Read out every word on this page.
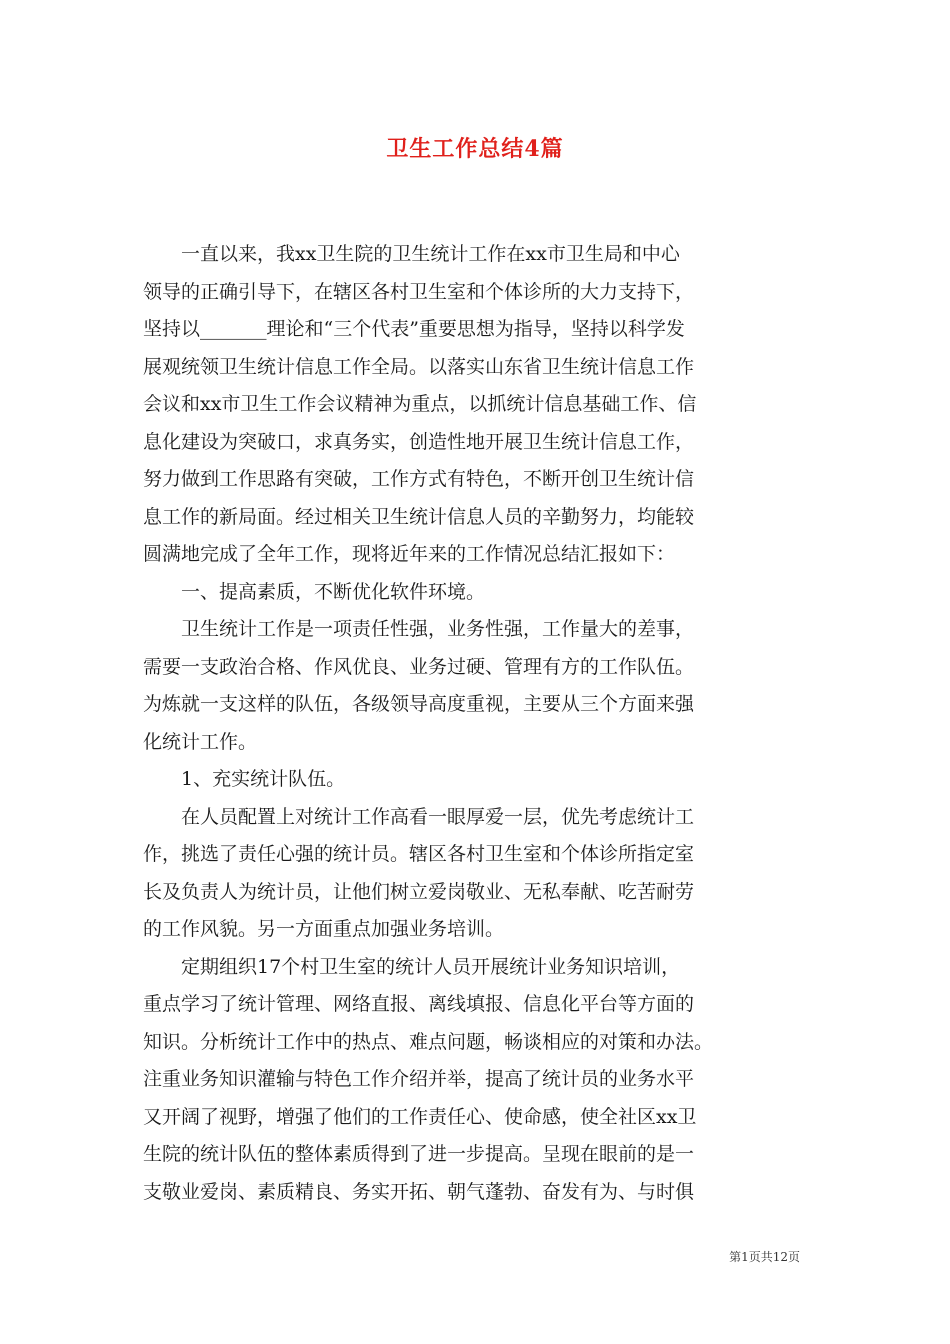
卫生工作总结4篇
一直以来，我xx卫生院的卫生统计工作在xx市卫生局和中心
领导的正确引导下，在辖区各村卫生室和个体诊所的大力支持下，
坚持以_______理论和“三个代表”重要思想为指导，坚持以科学发
展观统领卫生统计信息工作全局。以落实山东省卫生统计信息工作
会议和xx市卫生工作会议精神为重点，以抓统计信息基础工作、信
息化建设为突破口，求真务实，创造性地开展卫生统计信息工作，
努力做到工作思路有突破，工作方式有特色，不断开创卫生统计信
息工作的新局面。经过相关卫生统计信息人员的辛勤努力，均能较
圆满地完成了全年工作，现将近年来的工作情况总结汇报如下：
一、提高素质，不断优化软件环境。
卫生统计工作是一项责任性强，业务性强，工作量大的差事，
需要一支政治合格、作风优良、业务过硬、管理有方的工作队伍。
为炼就一支这样的队伍，各级领导高度重视，主要从三个方面来强
化统计工作。
1、充实统计队伍。
在人员配置上对统计工作高看一眼厚爱一层，优先考虑统计工
作，挑选了责任心强的统计员。辖区各村卫生室和个体诊所指定室
长及负责人为统计员，让他们树立爱岗敬业、无私奉献、吃苦耐劳
的工作风貌。另一方面重点加强业务培训。
定期组织17个村卫生室的统计人员开展统计业务知识培训，
重点学习了统计管理、网络直报、离线填报、信息化平台等方面的
知识。分析统计工作中的热点、难点问题，畅谈相应的对策和办法。
注重业务知识灌输与特色工作介绍并举，提高了统计员的业务水平
又开阔了视野，增强了他们的工作责任心、使命感，使全社区xx卫
生院的统计队伍的整体素质得到了进一步提高。呈现在眼前的是一
支敬业爱岗、素质精良、务实开拓、朝气蓬勃、奋发有为、与时俱
第1页共12页
